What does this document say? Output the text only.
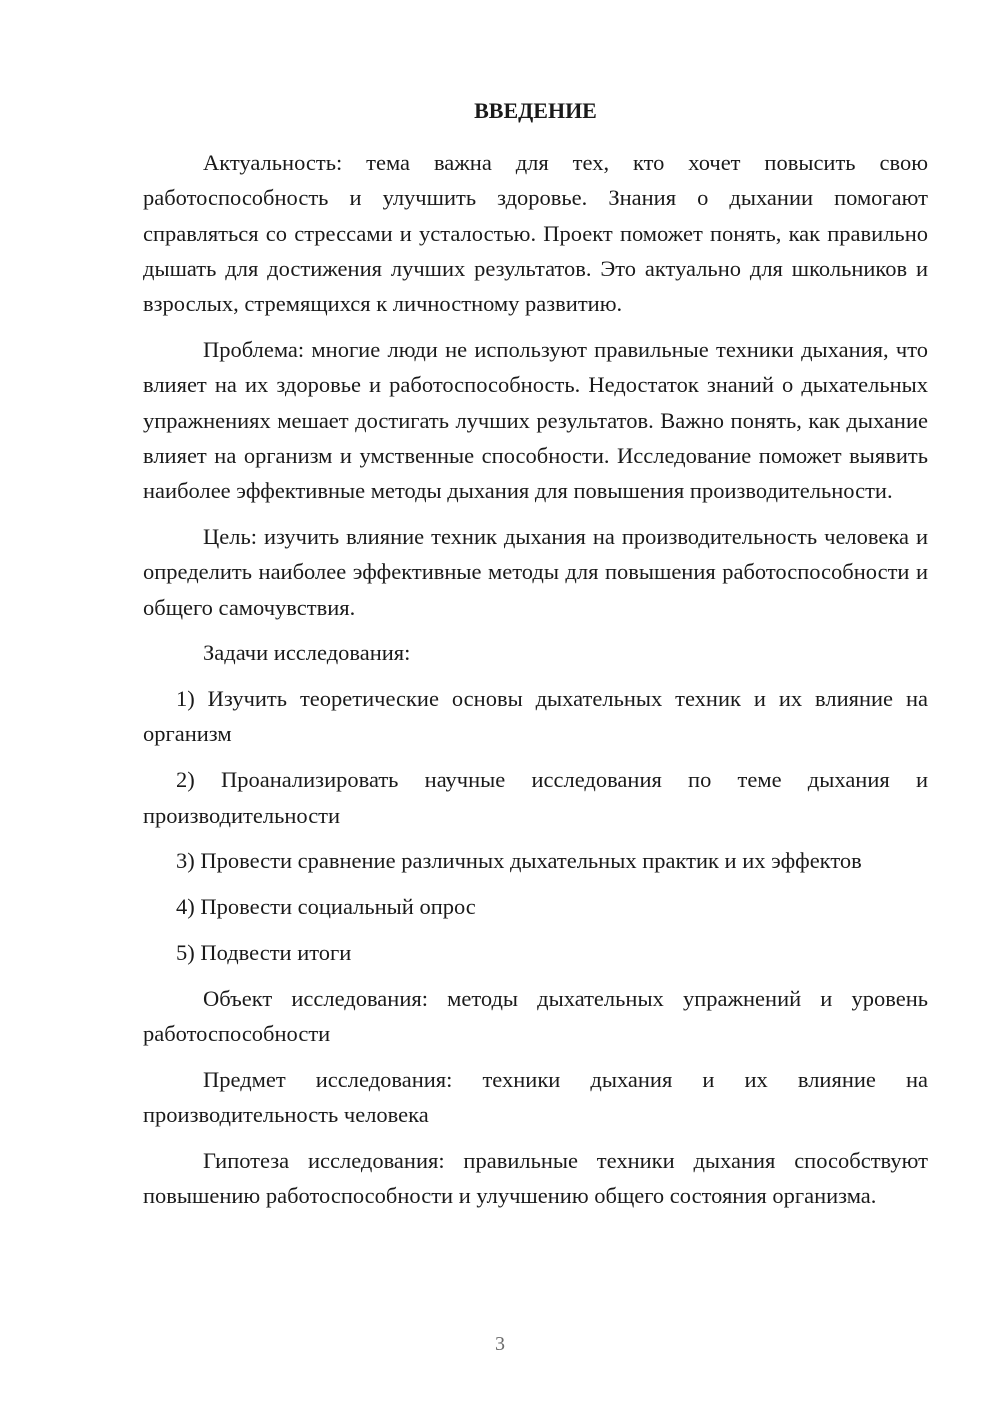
ВВЕДЕНИЕ

Актуальность: тема важна для тех, кто хочет повысить свою работоспособность и улучшить здоровье. Знания о дыхании помогают справляться со стрессами и усталостью. Проект поможет понять, как правильно дышать для достижения лучших результатов. Это актуально для школьников и взрослых, стремящихся к личностному развитию.

Проблема: многие люди не используют правильные техники дыхания, что влияет на их здоровье и работоспособность. Недостаток знаний о дыхательных упражнениях мешает достигать лучших результатов. Важно понять, как дыхание влияет на организм и умственные способности. Исследование поможет выявить наиболее эффективные методы дыхания для повышения производительности.

Цель: изучить влияние техник дыхания на производительность человека и определить наиболее эффективные методы для повышения работоспособности и общего самочувствия.

Задачи исследования:

1) Изучить теоретические основы дыхательных техник и их влияние на организм

2) Проанализировать научные исследования по теме дыхания и производительности

3) Провести сравнение различных дыхательных практик и их эффектов

4) Провести социальный опрос

5) Подвести итоги

Объект исследования: методы дыхательных упражнений и уровень работоспособности

Предмет исследования: техники дыхания и их влияние на производительность человека

Гипотеза исследования: правильные техники дыхания способствуют повышению работоспособности и улучшению общего состояния организма.

3
